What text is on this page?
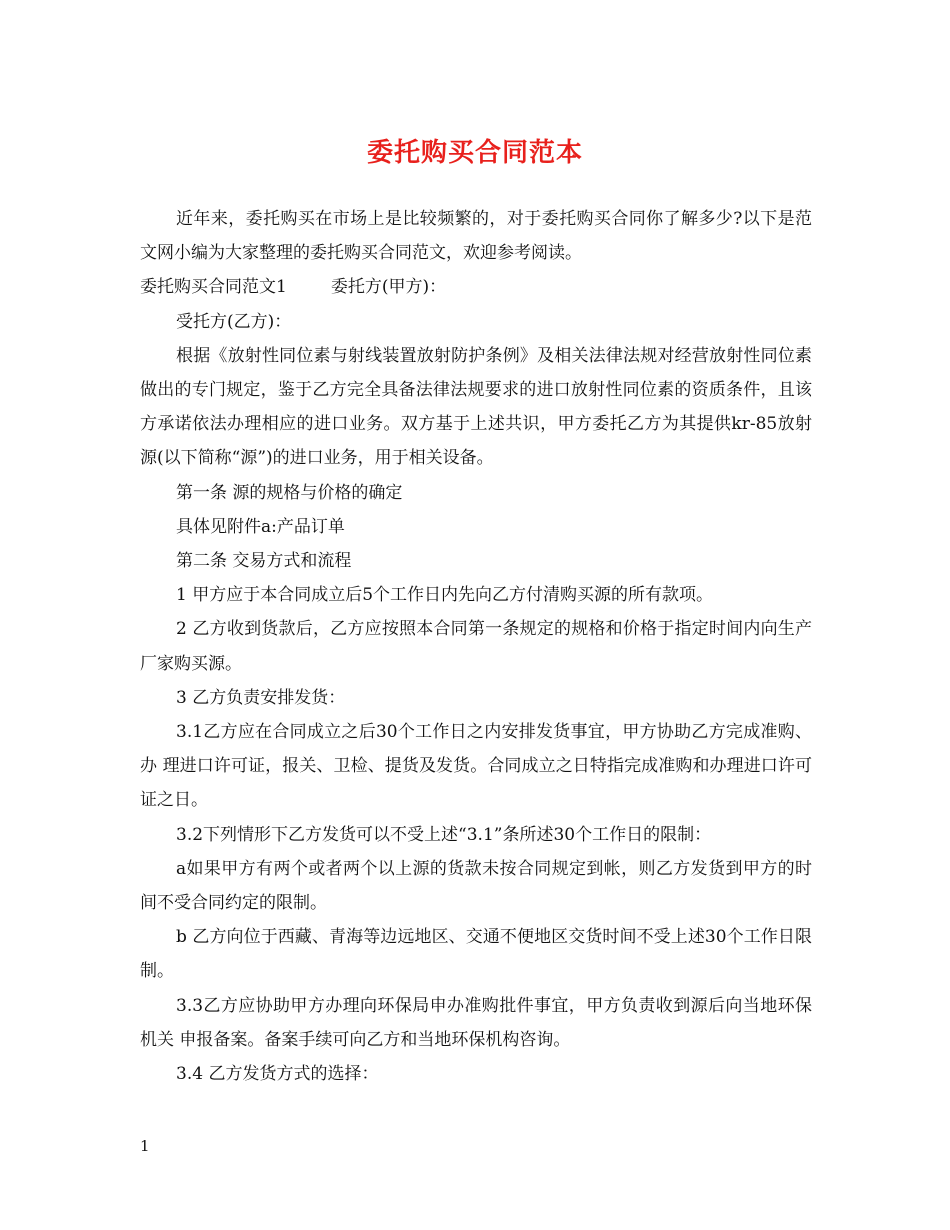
委托购买合同范本

近年来，委托购买在市场上是比较频繁的，对于委托购买合同你了解多少?以下是范文网小编为大家整理的委托购买合同范文，欢迎参考阅读。

委托购买合同范文1	委托方(甲方)：

受托方(乙方)：

根据《放射性同位素与射线装置放射防护条例》及相关法律法规对经营放射性同位素做出的专门规定，鉴于乙方完全具备法律法规要求的进口放射性同位素的资质条件，且该方承诺依法办理相应的进口业务。双方基于上述共识，甲方委托乙方为其提供kr-85放射源(以下简称“源”)的进口业务，用于相关设备。

第一条 源的规格与价格的确定

具体见附件a:产品订单

第二条 交易方式和流程

1 甲方应于本合同成立后5个工作日内先向乙方付清购买源的所有款项。

2 乙方收到货款后，乙方应按照本合同第一条规定的规格和价格于指定时间内向生产厂家购买源。

3 乙方负责安排发货：

3.1乙方应在合同成立之后30个工作日之内安排发货事宜，甲方协助乙方完成准购、办 理进口许可证，报关、卫检、提货及发货。合同成立之日特指完成准购和办理进口许可证之日。

3.2下列情形下乙方发货可以不受上述“3.1”条所述30个工作日的限制：

a如果甲方有两个或者两个以上源的货款未按合同规定到帐，则乙方发货到甲方的时间不受合同约定的限制。

b 乙方向位于西藏、青海等边远地区、交通不便地区交货时间不受上述30个工作日限制。

3.3乙方应协助甲方办理向环保局申办准购批件事宜，甲方负责收到源后向当地环保机关 申报备案。备案手续可向乙方和当地环保机构咨询。

3.4 乙方发货方式的选择：

1
